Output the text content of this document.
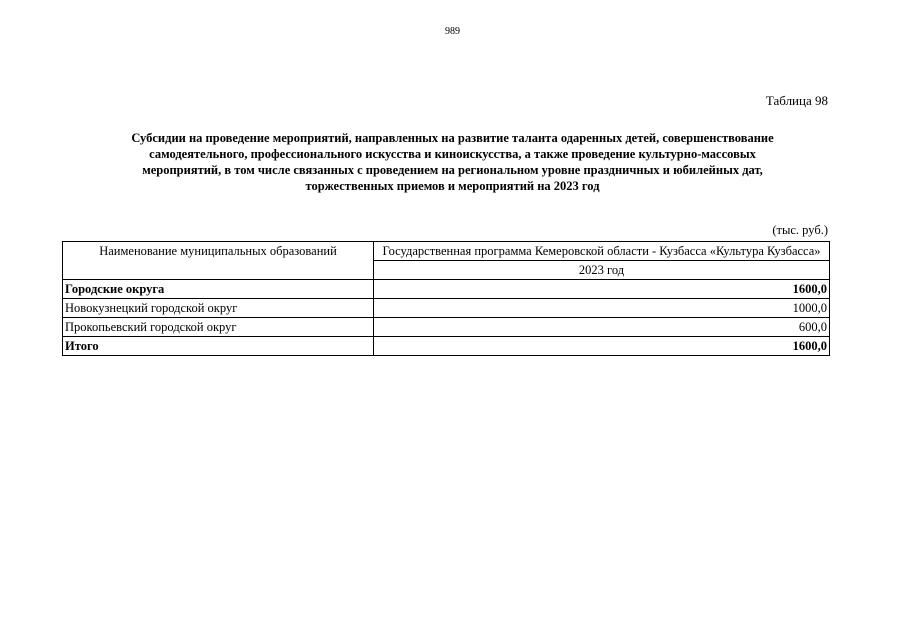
989
Таблица 98
Субсидии на проведение мероприятий, направленных на развитие таланта одаренных детей, совершенствование
самодеятельного, профессионального искусства и киноискусства, а также проведение культурно-массовых
мероприятий, в том числе связанных с проведением на региональном уровне праздничных и юбилейных дат,
торжественных приемов и мероприятий на 2023 год
(тыс. руб.)
Наименование муниципальных образований	Государственная программа Кемеровской области - Кузбасса «Культура Кузбасса»
	2023 год
Городские округа	1600,0
Новокузнецкий городской округ	1000,0
Прокопьевский городской округ	600,0
Итого	1600,0
